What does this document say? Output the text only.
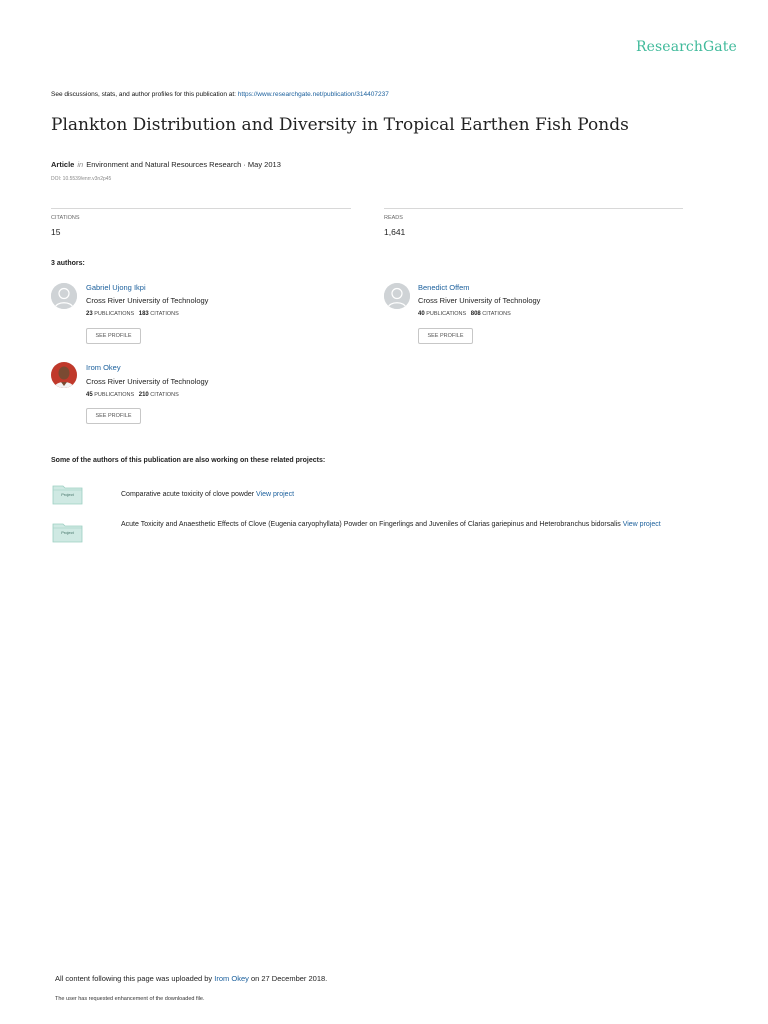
ResearchGate
See discussions, stats, and author profiles for this publication at: https://www.researchgate.net/publication/314407237
Plankton Distribution and Diversity in Tropical Earthen Fish Ponds
Article in Environment and Natural Resources Research · May 2013
DOI: 10.5539/enrr.v3n2p45
CITATIONS
15
READS
1,641
3 authors:
Gabriel Ujong Ikpi
Cross River University of Technology
23 PUBLICATIONS 183 CITATIONS
SEE PROFILE
Benedict Offem
Cross River University of Technology
40 PUBLICATIONS 808 CITATIONS
SEE PROFILE
Irom Okey
Cross River University of Technology
45 PUBLICATIONS 210 CITATIONS
SEE PROFILE
Some of the authors of this publication are also working on these related projects:
Project	Comparative acute toxicity of clove powder View project
Project
Acute Toxicity and Anaesthetic Effects of Clove (Eugenia caryophyllata) Powder on Fingerlings and Juveniles of Clarias gariepinus and Heterobranchus bidorsalis View project
All content following this page was uploaded by Irom Okey on 27 December 2018.
The user has requested enhancement of the downloaded file.
